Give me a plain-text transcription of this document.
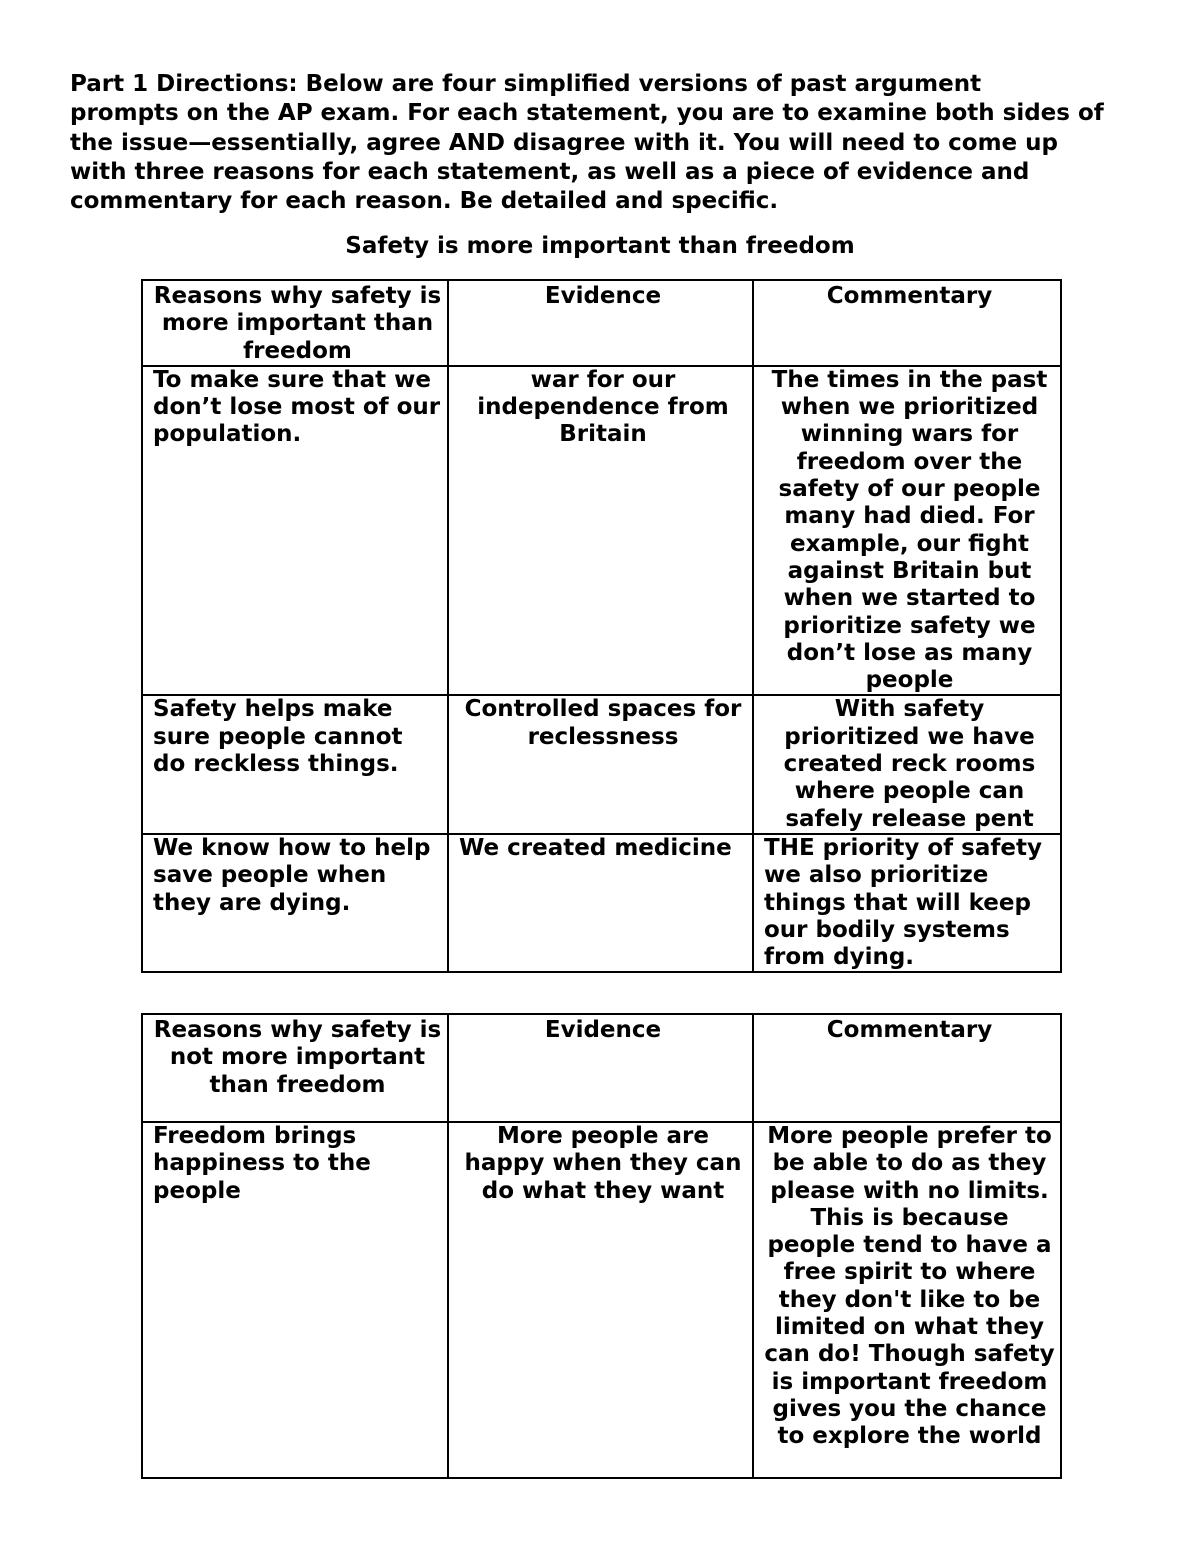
Part 1 Directions: Below are four simplified versions of past argument
prompts on the AP exam. For each statement, you are to examine both sides of
the issue—essentially, agree AND disagree with it. You will need to come up
with three reasons for each statement, as well as a piece of evidence and
commentary for each reason. Be detailed and specific.

Safety is more important than freedom

Reasons why safety is more important than freedom	Evidence	Commentary
To make sure that we don’t lose most of our population.	war for our independence from Britain	The times in the past when we prioritized winning wars for freedom over the safety of our people many had died. For example, our fight against Britain but when we started to prioritize safety we don’t lose as many people
Safety helps make sure people cannot do reckless things.	Controlled spaces for reclessness	With safety prioritized we have created reck rooms where people can safely release pent
We know how to help save people when they are dying.	We created medicine	THE priority of safety we also prioritize things that will keep our bodily systems from dying.
Reasons why safety is not more important than freedom	Evidence	Commentary
Freedom brings happiness to the people	More people are happy when they can do what they want	More people prefer to be able to do as they please with no limits. This is because people tend to have a free spirit to where they don't like to be limited on what they can do! Though safety is important freedom gives you the chance to explore the world
